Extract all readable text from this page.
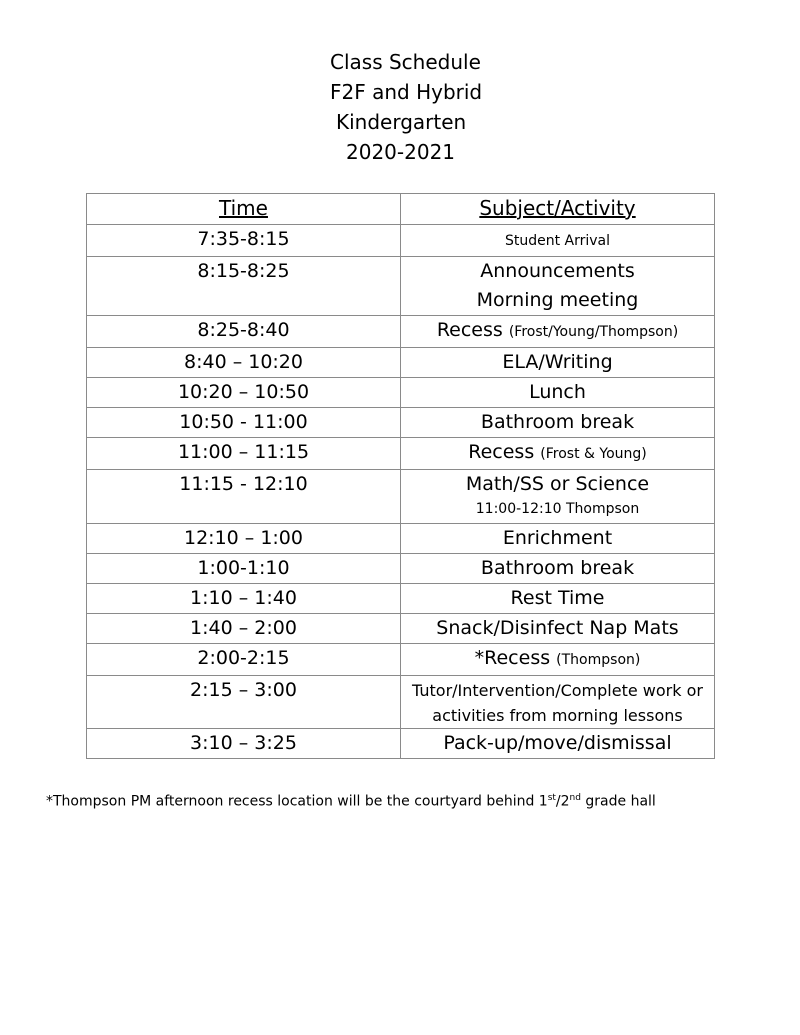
Class Schedule
F2F and Hybrid
Kindergarten
2020-2021
Time	Subject/Activity
7:35-8:15	Student Arrival
8:15-8:25	Announcements
Morning meeting

8:25-8:40	Recess (Frost/Young/Thompson)
8:40 – 10:20	ELA/Writing
10:20 – 10:50	Lunch
10:50 - 11:00	Bathroom break
11:00 – 11:15	Recess (Frost & Young)
11:15 - 12:10	Math/SS or Science
11:00-12:10 Thompson

12:10 – 1:00	Enrichment
1:00-1:10	Bathroom break
1:10 – 1:40	Rest Time
1:40 – 2:00	Snack/Disinfect Nap Mats
2:00-2:15	*Recess (Thompson)
2:15 – 3:00	Tutor/Intervention/Complete work or activities from morning lessons

3:10 – 3:25	Pack-up/move/dismissal
*Thompson PM afternoon recess location will be the courtyard behind 1st/2nd grade hall
